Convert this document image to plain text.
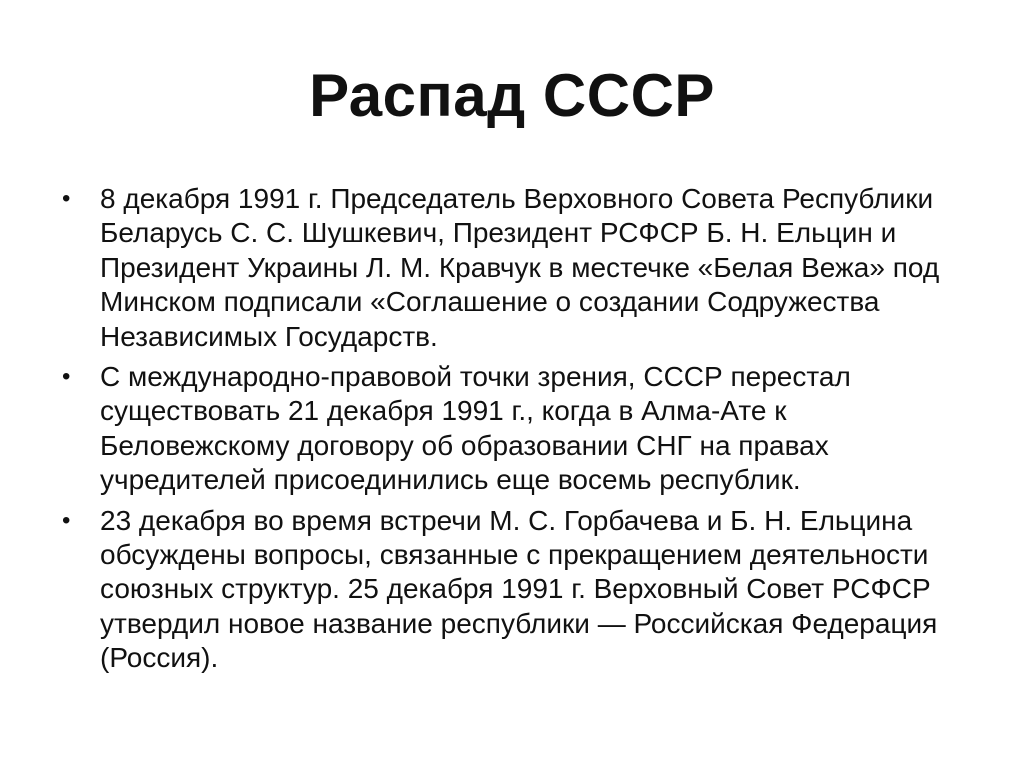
Распад СССР
• 8 декабря 1991 г. Председатель Верховного Совета Республики Беларусь С. С. Шушкевич, Президент РСФСР Б. Н. Ельцин и Президент Украины Л. М. Кравчук в местечке «Белая Вежа» под Минском подписали «Соглашение о создании Содружества Независимых Государств.
• С международно-правовой точки зрения, СССР перестал существовать 21 декабря 1991 г., когда в Алма-Ате к Беловежскому договору об образовании СНГ на правах учредителей присоединились еще восемь республик.
• 23 декабря во время встречи М. С. Горбачева и Б. Н. Ельцина обсуждены вопросы, связанные с прекращением деятельности союзных структур. 25 декабря 1991 г. Верховный Совет РСФСР утвердил новое название республики — Российская Федерация (Россия).
